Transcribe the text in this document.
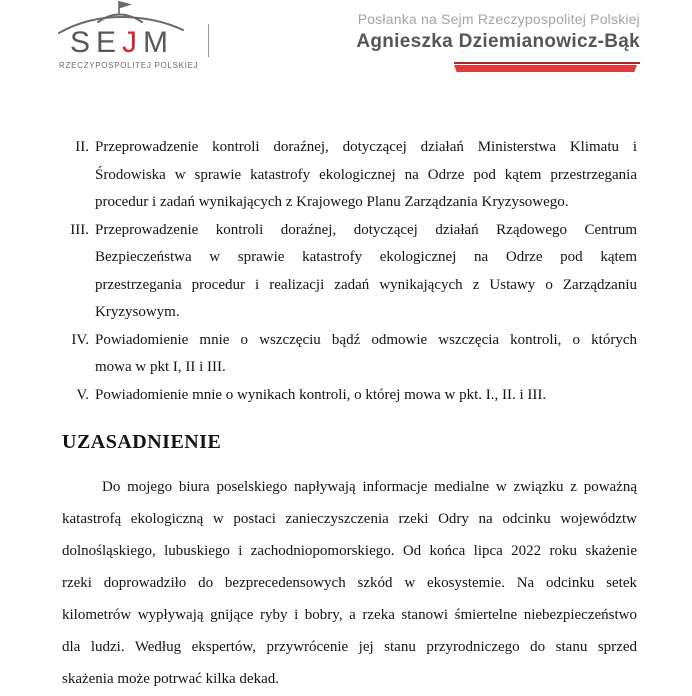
SEJM
RZECZYPOSPOLITEJ POLSKIEJ
Posłanka na Sejm Rzeczypospolitej Polskiej
Agnieszka Dziemianowicz-Bąk
II. Przeprowadzenie kontroli doraźnej, dotyczącej działań Ministerstwa Klimatu i
Środowiska w sprawie katastrofy ekologicznej na Odrze pod kątem przestrzegania
procedur i zadań wynikających z Krajowego Planu Zarządzania Kryzysowego.
III. Przeprowadzenie kontroli doraźnej, dotyczącej działań Rządowego Centrum
Bezpieczeństwa w sprawie katastrofy ekologicznej na Odrze pod kątem
przestrzegania procedur i realizacji zadań wynikających z Ustawy o Zarządzaniu
Kryzysowym.
IV. Powiadomienie mnie o wszczęciu bądź odmowie wszczęcia kontroli, o których
mowa w pkt I, II i III.
V. Powiadomienie mnie o wynikach kontroli, o której mowa w pkt. I., II. i III.
UZASADNIENIE
Do mojego biura poselskiego napływają informacje medialne w związku z poważną
katastrofą ekologiczną w postaci zanieczyszczenia rzeki Odry na odcinku województw
dolnośląskiego, lubuskiego i zachodniopomorskiego. Od końca lipca 2022 roku skażenie
rzeki doprowadziło do bezprecedensowych szkód w ekosystemie. Na odcinku setek
kilometrów wypływają gnijące ryby i bobry, a rzeka stanowi śmiertelne niebezpieczeństwo
dla ludzi. Według ekspertów, przywrócenie jej stanu przyrodniczego do stanu sprzed
skażenia może potrwać kilka dekad.
